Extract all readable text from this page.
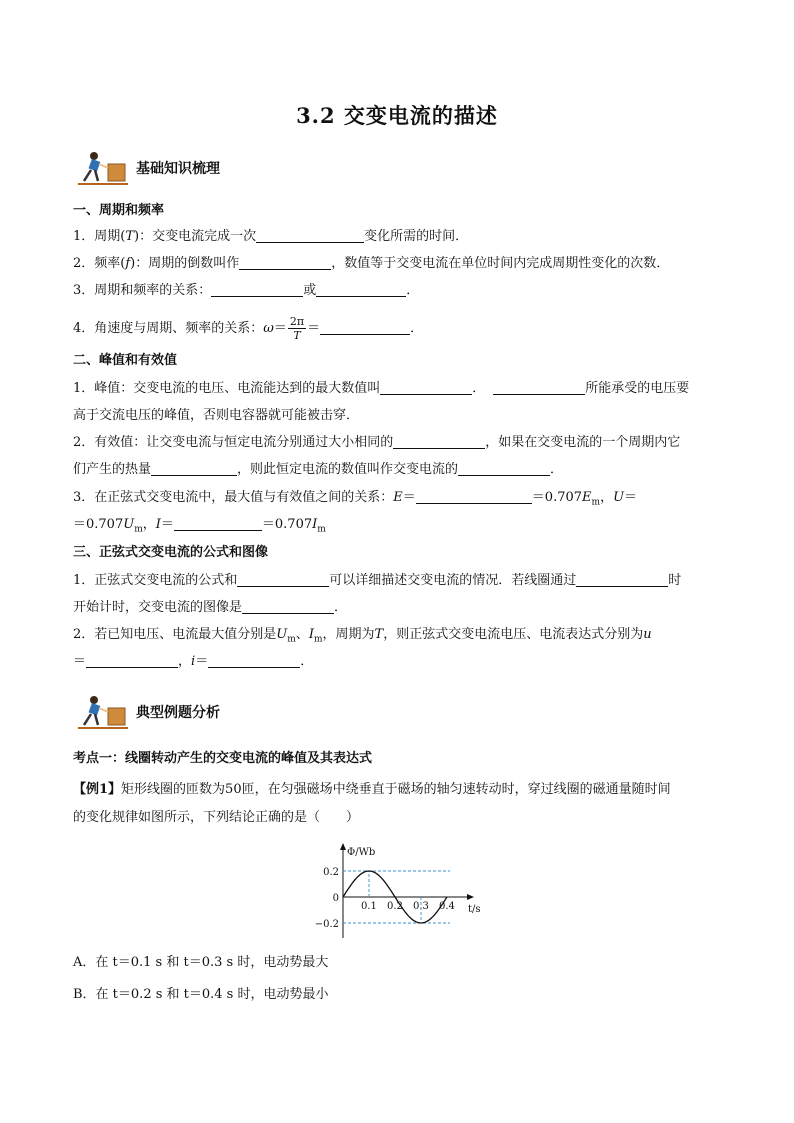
3.2 交变电流的描述
基础知识梳理
一、周期和频率
1．周期(T)：交变电流完成一次	变化所需的时间．
2．频率(f)：周期的倒数叫作	，数值等于交变电流在单位时间内完成周期性变化的次数．
3．周期和频率的关系：	或	．
4．角速度与周期、频率的关系：$\omega= \frac{2\pi}{T}$ ＝	．
二、峰值和有效值
1．峰值：交变电流的电压、电流能达到的最大数值叫	．	所能承受的电压要
高于交流电压的峰值，否则电容器就可能被击穿．
2．有效值：让交变电流与恒定电流分别通过大小相同的	，如果在交变电流的一个周期内它
们产生的热量	，则此恒定电流的数值叫作交变电流的	．
3．在正弦式交变电流中，最大值与有效值之间的关系：E＝	$=0.707E_m$，U＝
$=0.707U_m$，I＝	$=0.707I_m$
三、正弦式交变电流的公式和图像
1．正弦式交变电流的公式和	可以详细描述交变电流的情况．若线圈通过	时
开始计时，交变电流的图像是	．
2．若已知电压、电流最大值分别是$U_m$、$I_m$，周期为T，则正弦式交变电流电压、电流表达式分别为u
＝	，i＝	．
典型例题分析
考点一：线圈转动产生的交变电流的峰值及其表达式
【例1】矩形线圈的匝数为50匝，在匀强磁场中绕垂直于磁场的轴匀速转动时，穿过线圈的磁通量随时间
的变化规律如图所示，下列结论正确的是（　　）
Φ/Wb
t/s
0.1 0.2 0.3 0.4
0.2
0
−0.2
A．在 t＝0.1 s 和 t＝0.3 s 时，电动势最大
B．在 t＝0.2 s 和 t＝0.4 s 时，电动势最小
